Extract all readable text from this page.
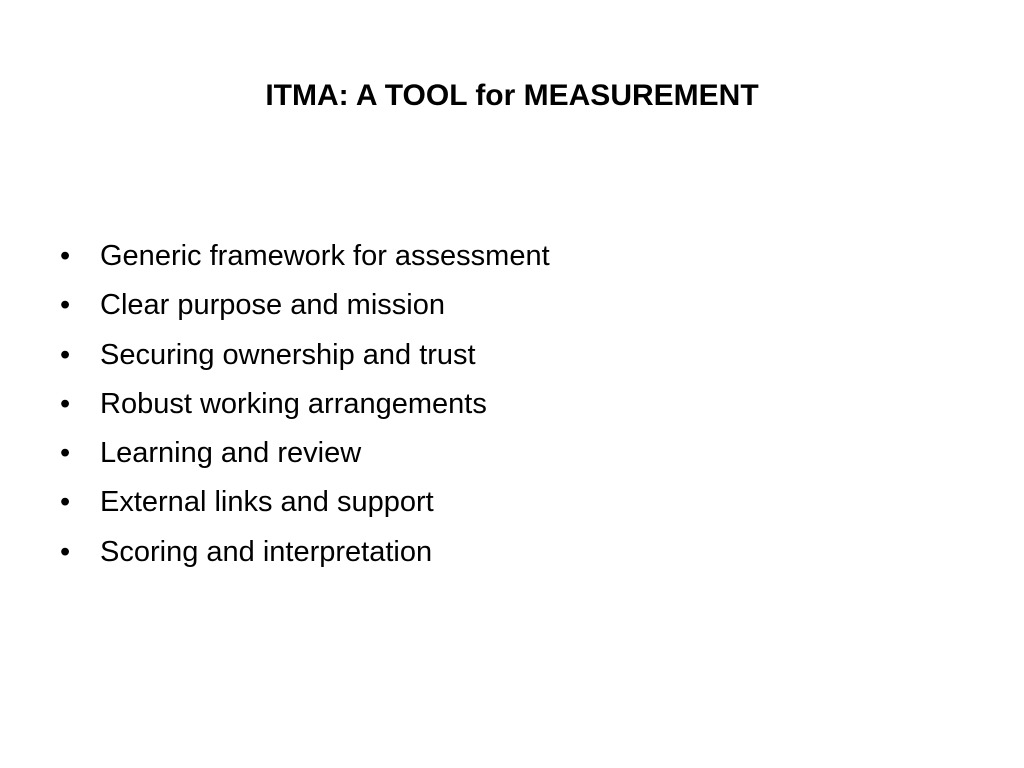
ITMA: A TOOL for MEASUREMENT
•	Generic framework for assessment
•	Clear purpose and mission
•	Securing ownership and trust
•	Robust working arrangements
•	Learning and review
•	External links and support
•	Scoring and interpretation
